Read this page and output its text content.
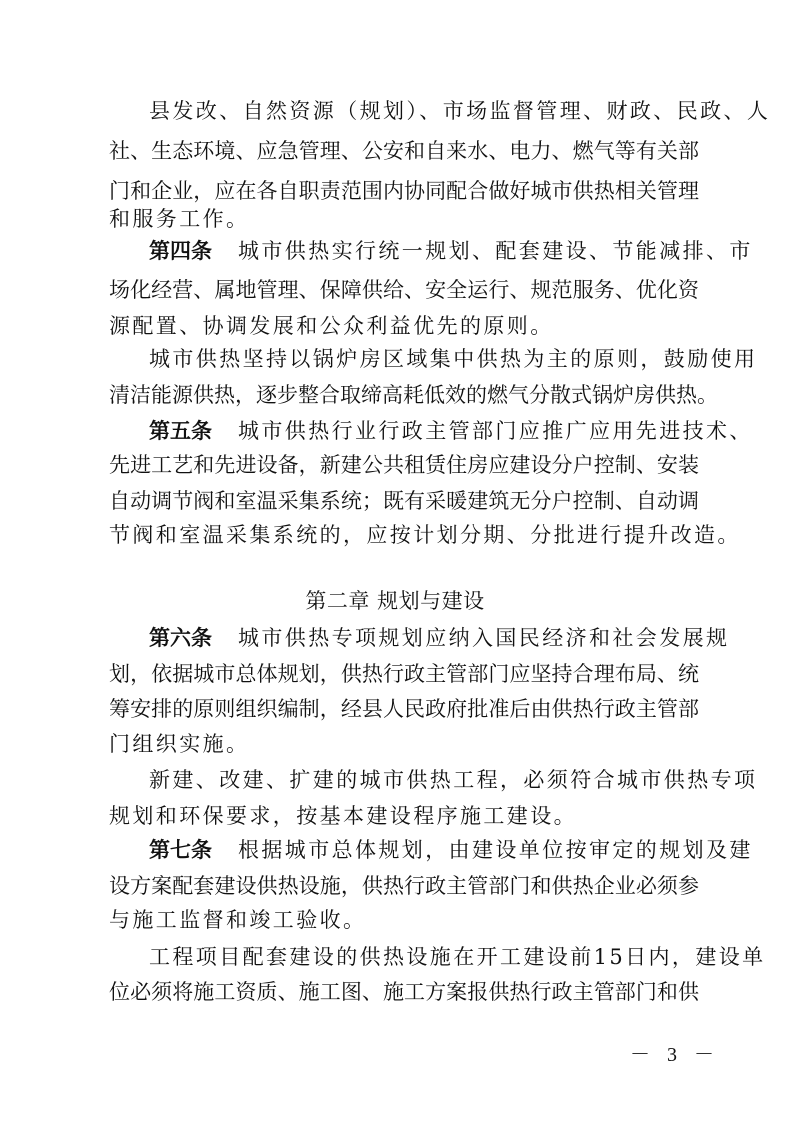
县发改、自然资源（规划）、市场监督管理、财政、民政、人
社、生态环境、应急管理、公安和自来水、电力、燃气等有关部
门和企业，应在各自职责范围内协同配合做好城市供热相关管理
和服务工作。
第四条 城市供热实行统一规划、配套建设、节能减排、市
场化经营、属地管理、保障供给、安全运行、规范服务、优化资
源配置、协调发展和公众利益优先的原则。
城市供热坚持以锅炉房区域集中供热为主的原则，鼓励使用
清洁能源供热，逐步整合取缔高耗低效的燃气分散式锅炉房供热。
第五条 城市供热行业行政主管部门应推广应用先进技术、
先进工艺和先进设备，新建公共租赁住房应建设分户控制、安装
自动调节阀和室温采集系统；既有采暖建筑无分户控制、自动调
节阀和室温采集系统的，应按计划分期、分批进行提升改造。
第二章 规划与建设
第六条 城市供热专项规划应纳入国民经济和社会发展规
划，依据城市总体规划，供热行政主管部门应坚持合理布局、统
筹安排的原则组织编制，经县人民政府批准后由供热行政主管部
门组织实施。
新建、改建、扩建的城市供热工程，必须符合城市供热专项
规划和环保要求，按基本建设程序施工建设。
第七条 根据城市总体规划，由建设单位按审定的规划及建
设方案配套建设供热设施，供热行政主管部门和供热企业必须参
与施工监督和竣工验收。
工程项目配套建设的供热设施在开工建设前15日内，建设单
位必须将施工资质、施工图、施工方案报供热行政主管部门和供
－ 3 －
